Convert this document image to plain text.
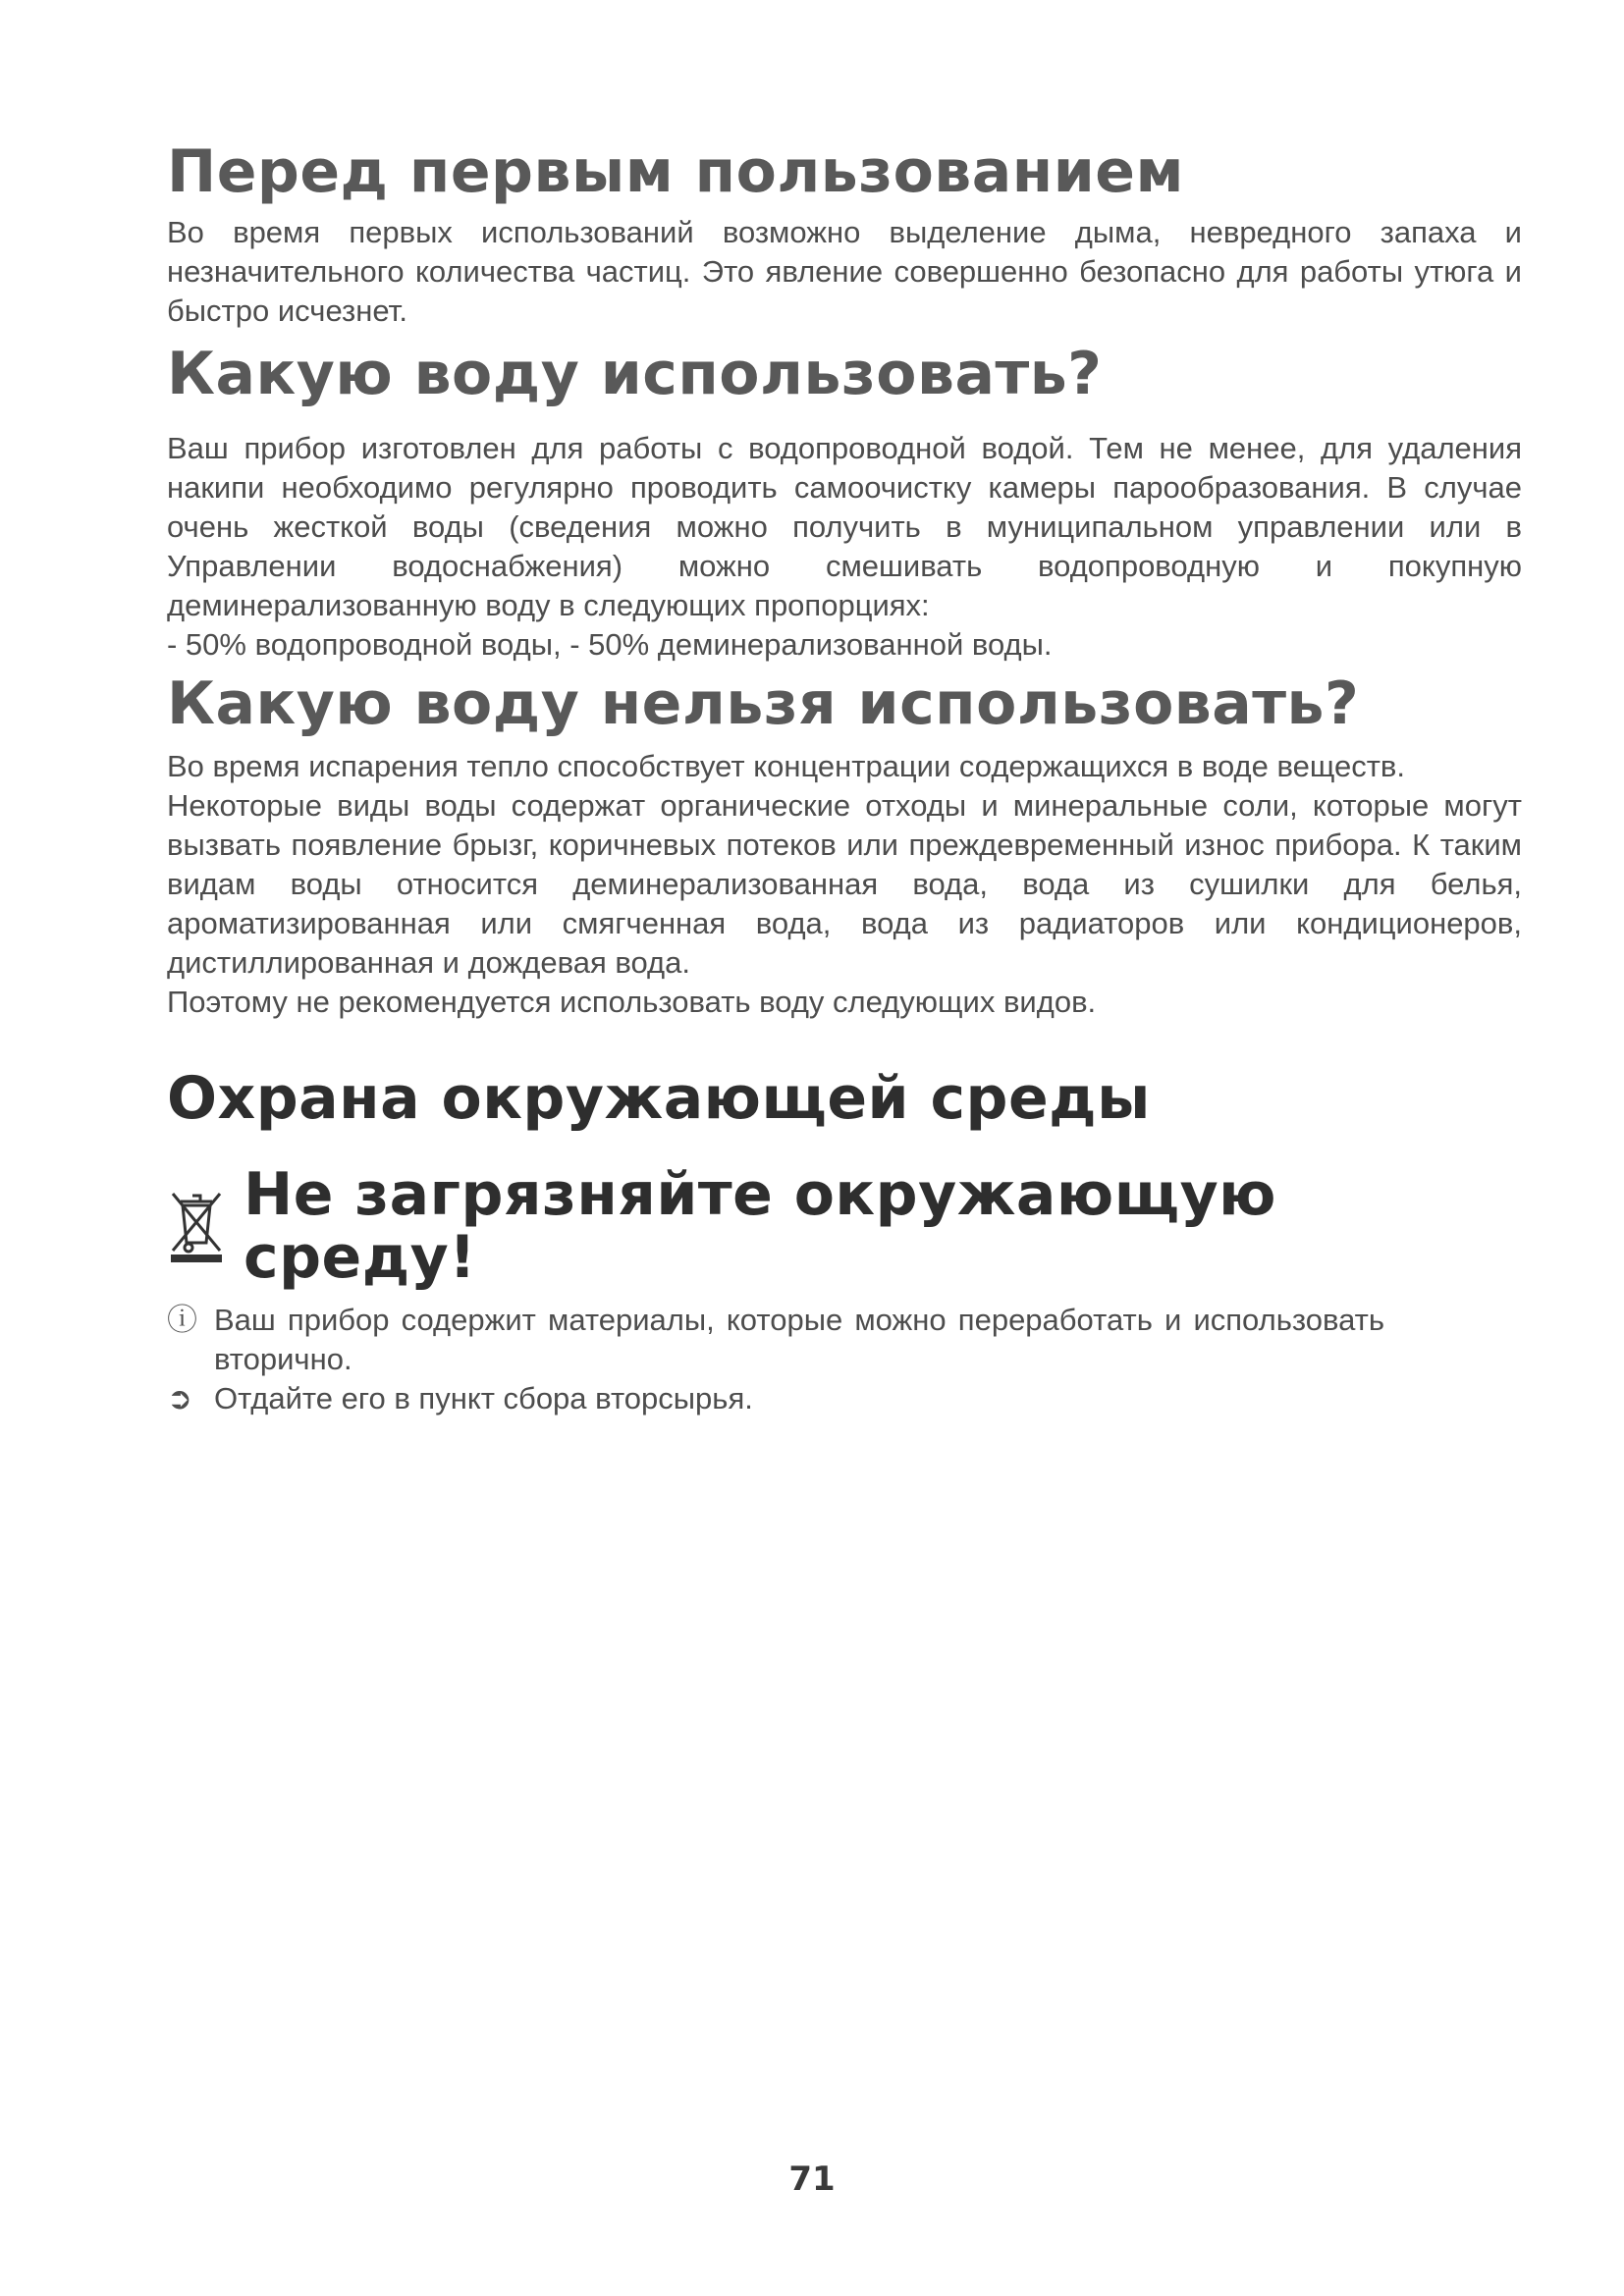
Перед первым пользованием

Во время первых использований возможно выделение дыма, невредного запаха и незначительного количества частиц. Это явление совершенно безопасно для работы утюга и быстро исчезнет.

Какую воду использовать?

Ваш прибор изготовлен для работы с водопроводной водой. Тем не менее, для удаления накипи необходимо регулярно проводить самоочистку камеры парообразования. В случае очень жесткой воды (сведения можно получить в муниципальном управлении или в Управлении водоснабжения) можно смешивать водопроводную и покупную деминерализованную воду в следующих пропорциях:

- 50% водопроводной воды, - 50% деминерализованной воды.

Какую воду нельзя использовать?

Во время испарения тепло способствует концентрации содержащихся в воде веществ.

Некоторые виды воды содержат органические отходы и минеральные соли, которые могут вызвать появление брызг, коричневых потеков или преждевременный износ прибора. К таким видам воды относится деминерализованная вода, вода из сушилки для белья, ароматизированная или смягченная вода, вода из радиаторов или кондиционеров, дистиллированная и дождевая вода.

Поэтому не рекомендуется использовать воду следующих видов.

Охрана окружающей среды
Не загрязняйте окружающую среду!
ⓘ Ваш прибор содержит материалы, которые можно переработать и использовать вторично.
➲ Отдайте его в пункт сбора вторсырья.
71
